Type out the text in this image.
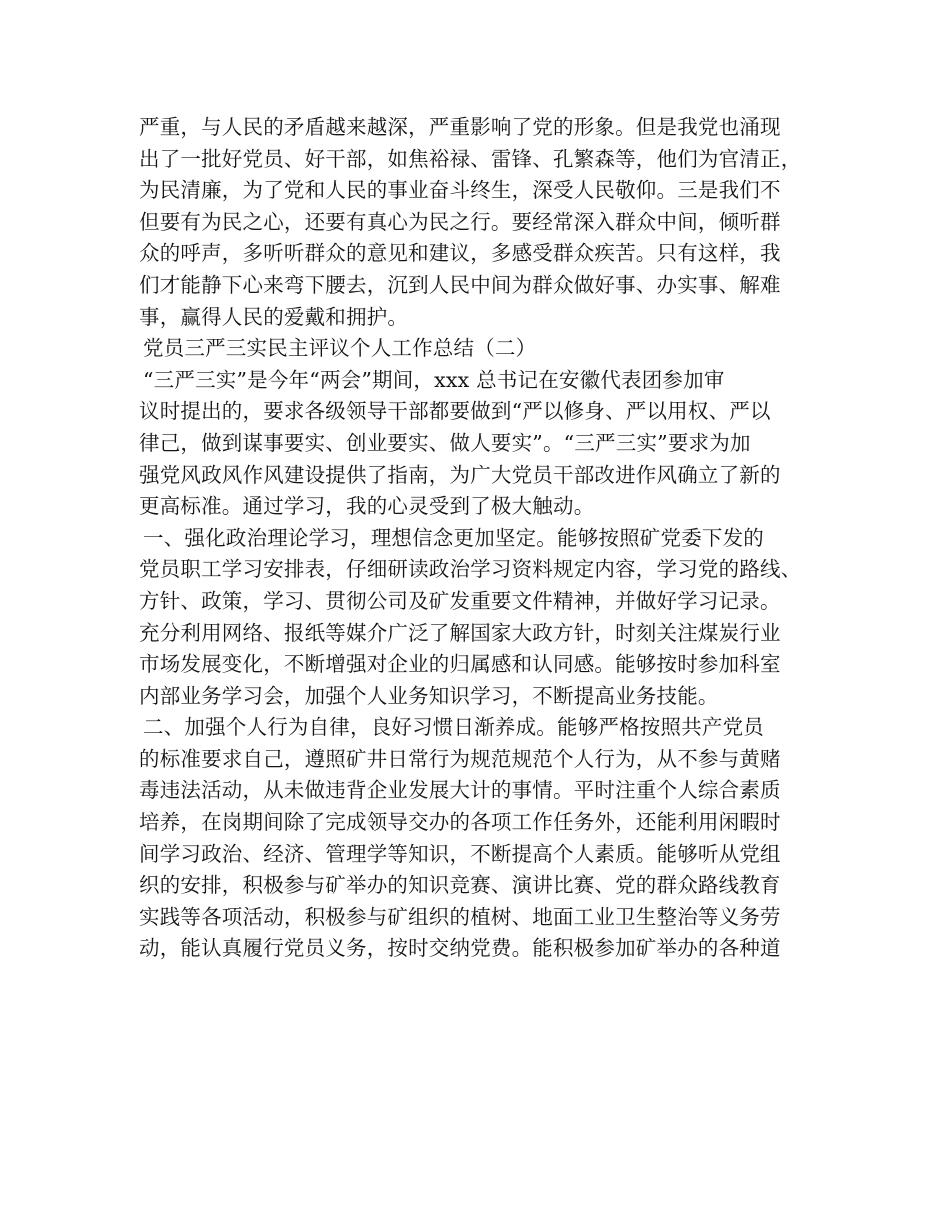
严重，与人民的矛盾越来越深，严重影响了党的形象。但是我党也涌现
出了一批好党员、好干部，如焦裕禄、雷锋、孔繁森等，他们为官清正，
为民清廉，为了党和人民的事业奋斗终生，深受人民敬仰。三是我们不
但要有为民之心，还要有真心为民之行。要经常深入群众中间，倾听群
众的呼声，多听听群众的意见和建议，多感受群众疾苦。只有这样，我
们才能静下心来弯下腰去，沉到人民中间为群众做好事、办实事、解难
事，赢得人民的爱戴和拥护。
党员三严三实民主评议个人工作总结（二）
“三严三实”是今年“两会”期间，xxx 总书记在安徽代表团参加审
议时提出的，要求各级领导干部都要做到“严以修身、严以用权、严以
律己，做到谋事要实、创业要实、做人要实”。“三严三实”要求为加
强党风政风作风建设提供了指南，为广大党员干部改进作风确立了新的
更高标准。通过学习，我的心灵受到了极大触动。
一、强化政治理论学习，理想信念更加坚定。能够按照矿党委下发的
党员职工学习安排表，仔细研读政治学习资料规定内容，学习党的路线、
方针、政策，学习、贯彻公司及矿发重要文件精神，并做好学习记录。
充分利用网络、报纸等媒介广泛了解国家大政方针，时刻关注煤炭行业
市场发展变化，不断增强对企业的归属感和认同感。能够按时参加科室
内部业务学习会，加强个人业务知识学习，不断提高业务技能。
二、加强个人行为自律，良好习惯日渐养成。能够严格按照共产党员
的标准要求自己，遵照矿井日常行为规范规范个人行为，从不参与黄赌
毒违法活动，从未做违背企业发展大计的事情。平时注重个人综合素质
培养，在岗期间除了完成领导交办的各项工作任务外，还能利用闲暇时
间学习政治、经济、管理学等知识，不断提高个人素质。能够听从党组
织的安排，积极参与矿举办的知识竞赛、演讲比赛、党的群众路线教育
实践等各项活动，积极参与矿组织的植树、地面工业卫生整治等义务劳
动，能认真履行党员义务，按时交纳党费。能积极参加矿举办的各种道
